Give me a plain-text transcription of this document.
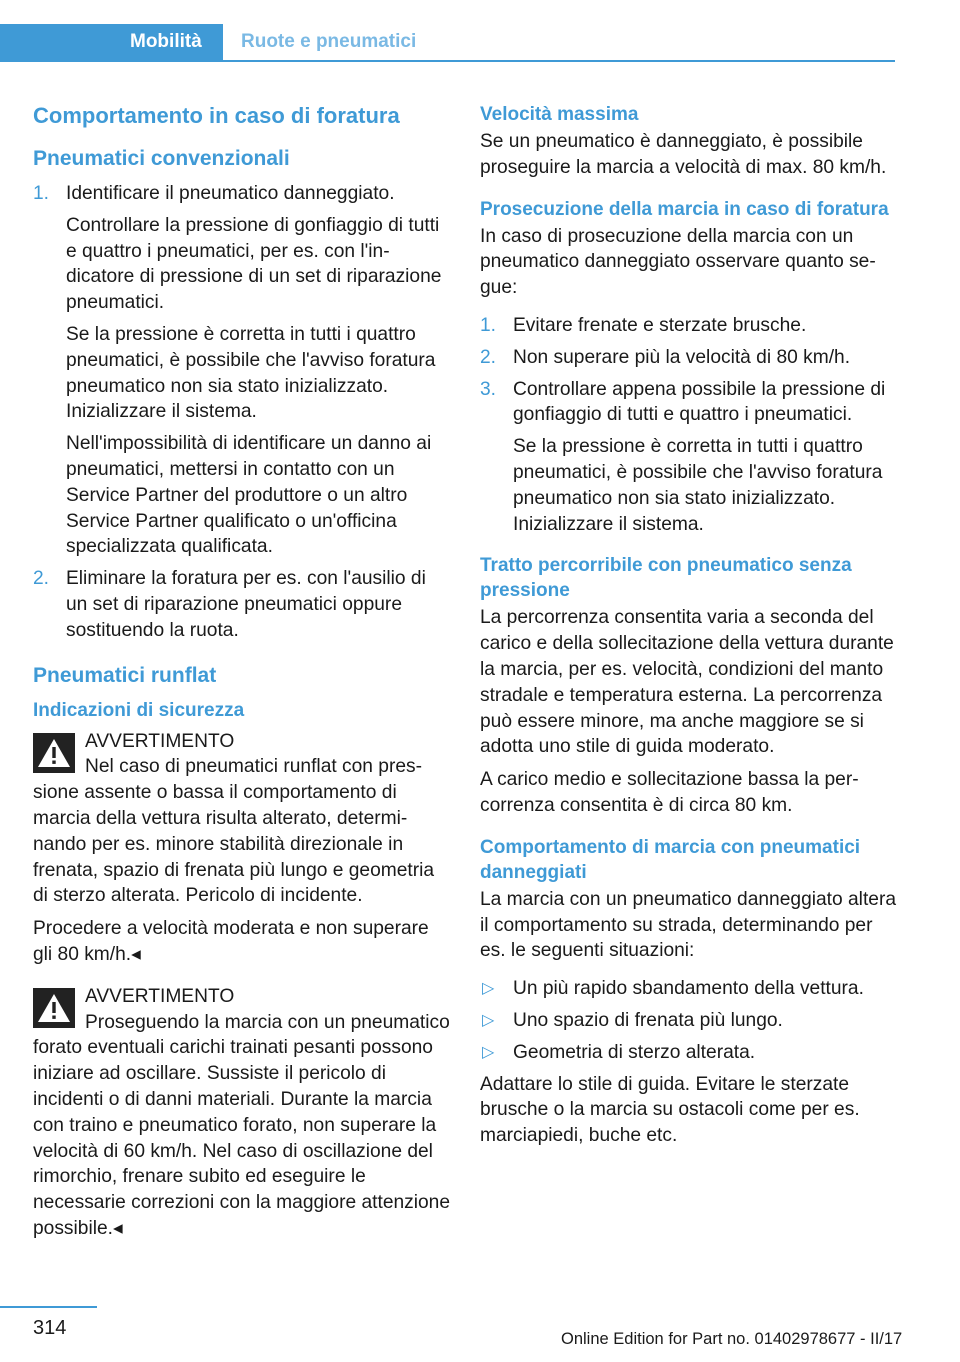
Mobilità	Ruote e pneumatici
Comportamento in caso di foratura
Pneumatici convenzionali
1. Identificare il pneumatico danneggiato.

Controllare la pressione di gonfiaggio di tutti e quattro i pneumatici, per es. con l'indicatore di pressione di un set di riparazione pneumatici.

Se la pressione è corretta in tutti i quattro pneumatici, è possibile che l'avviso foratura pneumatico non sia stato inizializzato. Inizializzare il sistema.

Nell'impossibilità di identificare un danno ai pneumatici, mettersi in contatto con un Service Partner del produttore o un altro Service Partner qualificato o un'officina specializzata qualificata.

2. Eliminare la foratura per es. con l'ausilio di un set di riparazione pneumatici oppure sostituendo la ruota.

Pneumatici runflat
Indicazioni di sicurezza
AVVERTIMENTO
Nel caso di pneumatici runflat con pressione assente o bassa il comportamento di marcia della vettura risulta alterato, determinando per es. minore stabilità direzionale in frenata, spazio di frenata più lungo e geometria di sterzo alterata. Pericolo di incidente.

Procedere a velocità moderata e non superare gli 80 km/h.◂

AVVERTIMENTO
Proseguendo la marcia con un pneumatico forato eventuali carichi trainati pesanti possono iniziare ad oscillare. Sussiste il pericolo di incidenti o di danni materiali. Durante la marcia con traino e pneumatico forato, non superare la velocità di 60 km/h. Nel caso di oscillazione del rimorchio, frenare subito ed eseguire le necessarie correzioni con la maggiore attenzione possibile.◂
Velocità massima

Se un pneumatico è danneggiato, è possibile proseguire la marcia a velocità di max. 80 km/h.

Prosecuzione della marcia in caso di foratura

In caso di prosecuzione della marcia con un pneumatico danneggiato osservare quanto segue:

1. Evitare frenate e sterzate brusche.

2. Non superare più la velocità di 80 km/h.

3. Controllare appena possibile la pressione di gonfiaggio di tutti e quattro i pneumatici.

Se la pressione è corretta in tutti i quattro pneumatici, è possibile che l'avviso foratura pneumatico non sia stato inizializzato. Inizializzare il sistema.

Tratto percorribile con pneumatico senza pressione

La percorrenza consentita varia a seconda del carico e della sollecitazione della vettura durante la marcia, per es. velocità, condizioni del manto stradale e temperatura esterna. La percorrenza può essere minore, ma anche maggiore se si adotta uno stile di guida moderato.

A carico medio e sollecitazione bassa la percorrenza consentita è di circa 80 km.

Comportamento di marcia con pneumatici danneggiati

La marcia con un pneumatico danneggiato altera il comportamento su strada, determinando per es. le seguenti situazioni:

▷ Un più rapido sbandamento della vettura.
▷ Uno spazio di frenata più lungo.
▷ Geometria di sterzo alterata.

Adattare lo stile di guida. Evitare le sterzate brusche o la marcia su ostacoli come per es. marciapiedi, buche etc.

314	Online Edition for Part no. 01402978677 - II/17
